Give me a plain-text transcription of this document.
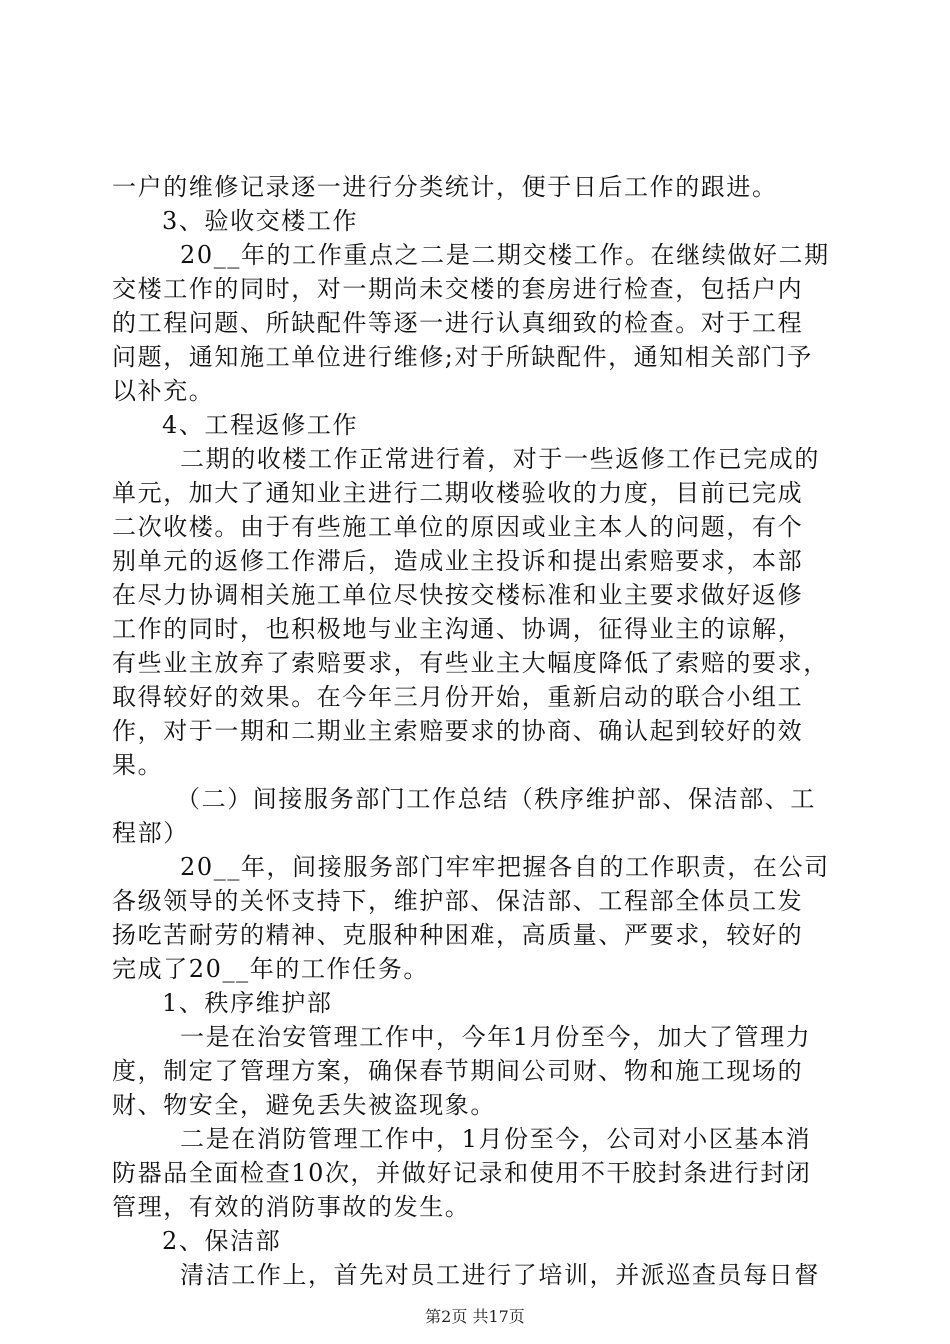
一户的维修记录逐一进行分类统计，便于日后工作的跟进。
3、验收交楼工作
20__年的工作重点之二是二期交楼工作。在继续做好二期
交楼工作的同时，对一期尚未交楼的套房进行检查，包括户内
的工程问题、所缺配件等逐一进行认真细致的检查。对于工程
问题，通知施工单位进行维修;对于所缺配件，通知相关部门予
以补充。
4、工程返修工作
二期的收楼工作正常进行着，对于一些返修工作已完成的
单元，加大了通知业主进行二期收楼验收的力度，目前已完成
二次收楼。由于有些施工单位的原因或业主本人的问题，有个
别单元的返修工作滞后，造成业主投诉和提出索赔要求，本部
在尽力协调相关施工单位尽快按交楼标准和业主要求做好返修
工作的同时，也积极地与业主沟通、协调，征得业主的谅解，
有些业主放弃了索赔要求，有些业主大幅度降低了索赔的要求，
取得较好的效果。在今年三月份开始，重新启动的联合小组工
作，对于一期和二期业主索赔要求的协商、确认起到较好的效
果。
（二）间接服务部门工作总结（秩序维护部、保洁部、工
程部）
20__年，间接服务部门牢牢把握各自的工作职责，在公司
各级领导的关怀支持下，维护部、保洁部、工程部全体员工发
扬吃苦耐劳的精神、克服种种困难，高质量、严要求，较好的
完成了20__年的工作任务。
1、秩序维护部
一是在治安管理工作中，今年1月份至今，加大了管理力
度，制定了管理方案，确保春节期间公司财、物和施工现场的
财、物安全，避免丢失被盗现象。
二是在消防管理工作中，1月份至今，公司对小区基本消
防器品全面检查10次，并做好记录和使用不干胶封条进行封闭
管理，有效的消防事故的发生。
2、保洁部
清洁工作上，首先对员工进行了培训，并派巡查员每日督
第2页 共17页
